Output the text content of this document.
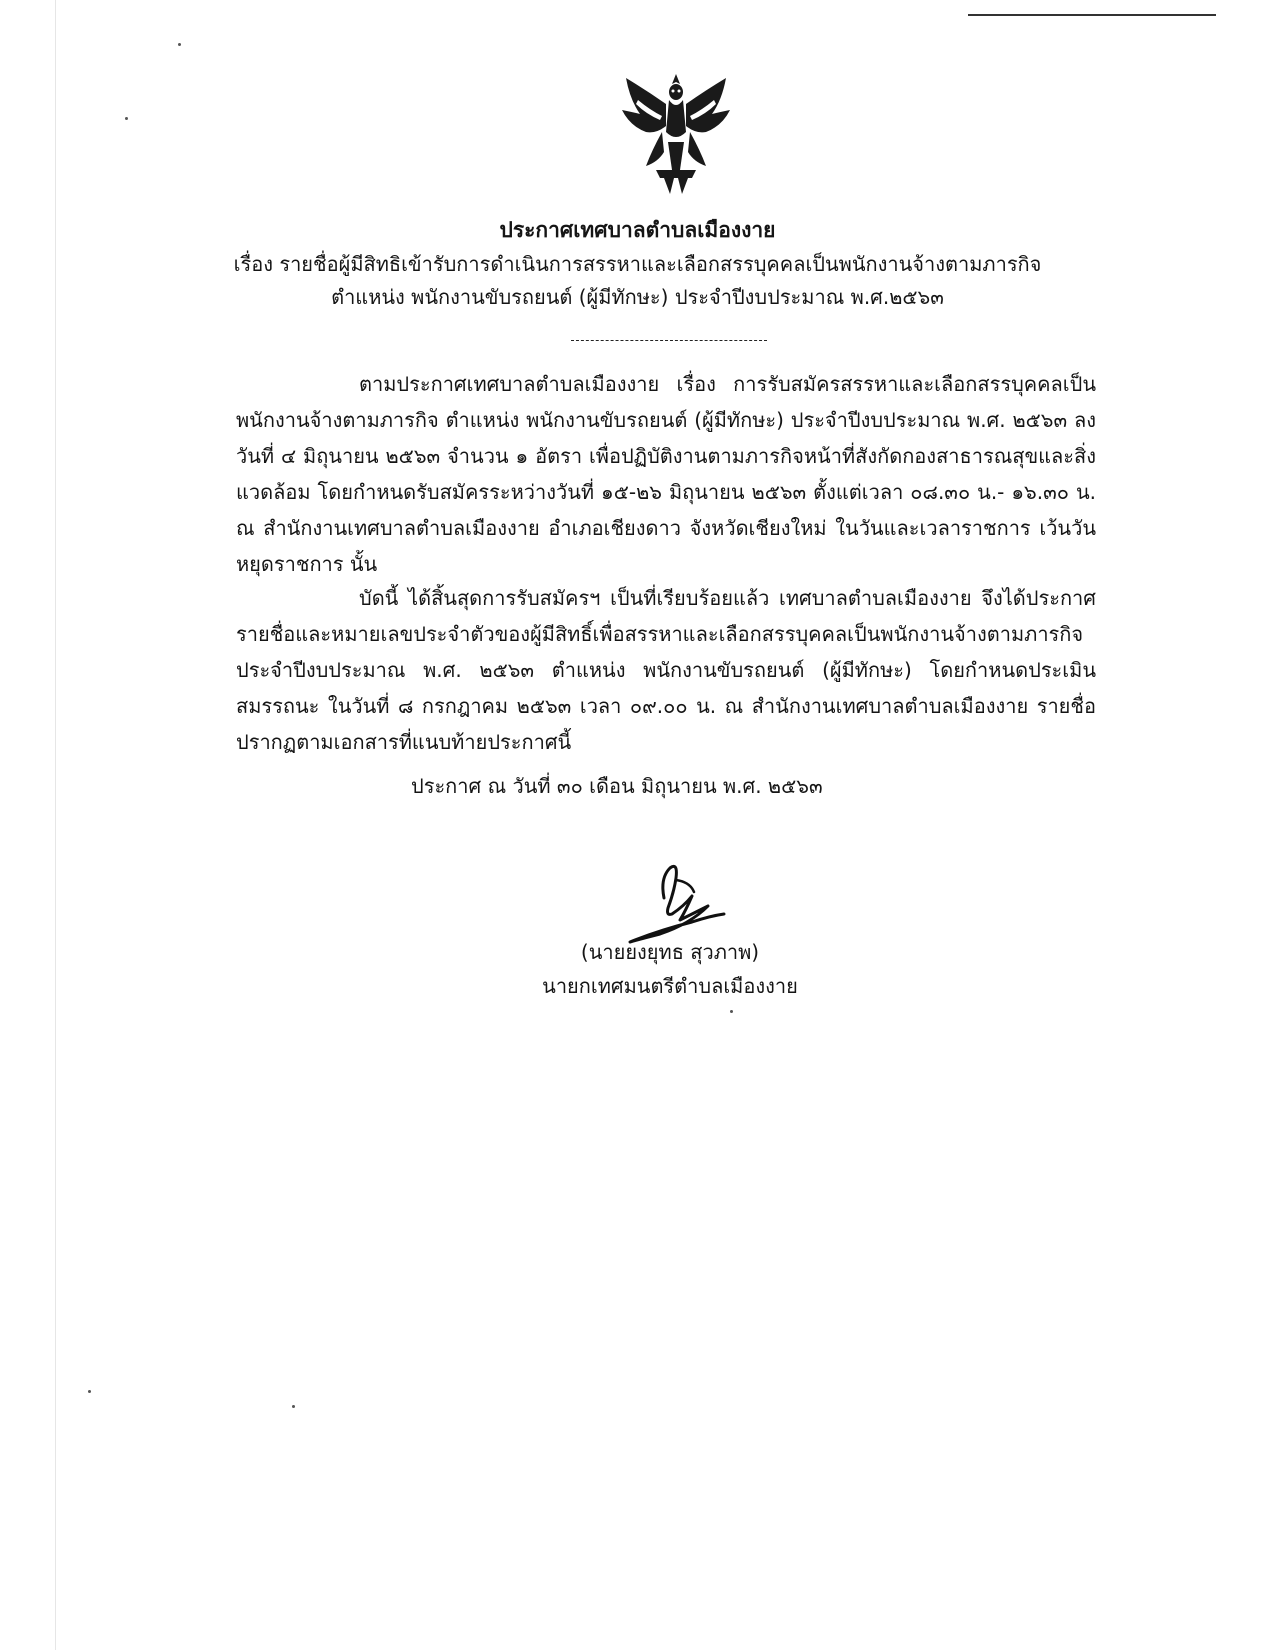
ประกาศเทศบาลตำบลเมืองงาย
เรื่อง รายชื่อผู้มีสิทธิเข้ารับการดำเนินการสรรหาและเลือกสรรบุคคลเป็นพนักงานจ้างตามภารกิจ
ตำแหน่ง พนักงานขับรถยนต์ (ผู้มีทักษะ) ประจำปีงบประมาณ พ.ศ.๒๕๖๓
ตามประกาศเทศบาลตำบลเมืองงาย เรื่อง การรับสมัครสรรหาและเลือกสรรบุคคลเป็นพนักงานจ้างตามภารกิจ ตำแหน่ง พนักงานขับรถยนต์ (ผู้มีทักษะ) ประจำปีงบประมาณ พ.ศ. ๒๕๖๓ ลงวันที่ ๔ มิถุนายน ๒๕๖๓ จำนวน ๑ อัตรา เพื่อปฏิบัติงานตามภารกิจหน้าที่สังกัดกองสาธารณสุขและสิ่งแวดล้อม โดยกำหนดรับสมัครระหว่างวันที่ ๑๕-๒๖ มิถุนายน ๒๕๖๓ ตั้งแต่เวลา ๐๘.๓๐ น.- ๑๖.๓๐ น. ณ สำนักงานเทศบาลตำบลเมืองงาย อำเภอเชียงดาว จังหวัดเชียงใหม่ ในวันและเวลาราชการ เว้นวันหยุดราชการ นั้น
บัดนี้ ได้สิ้นสุดการรับสมัครฯ เป็นที่เรียบร้อยแล้ว เทศบาลตำบลเมืองงาย จึงได้ประกาศรายชื่อและหมายเลขประจำตัวของผู้มีสิทธิ์เพื่อสรรหาและเลือกสรรบุคคลเป็นพนักงานจ้างตามภารกิจ ประจำปีงบประมาณ พ.ศ. ๒๕๖๓ ตำแหน่ง พนักงานขับรถยนต์ (ผู้มีทักษะ) โดยกำหนดประเมินสมรรถนะ ในวันที่ ๘ กรกฎาคม ๒๕๖๓ เวลา ๐๙.๐๐ น. ณ สำนักงานเทศบาลตำบลเมืองงาย รายชื่อปรากฏตามเอกสารที่แนบท้ายประกาศนี้
ประกาศ ณ วันที่ ๓๐ เดือน มิถุนายน พ.ศ. ๒๕๖๓
(นายยงยุทธ สุวภาพ)
นายกเทศมนตรีตำบลเมืองงาย
